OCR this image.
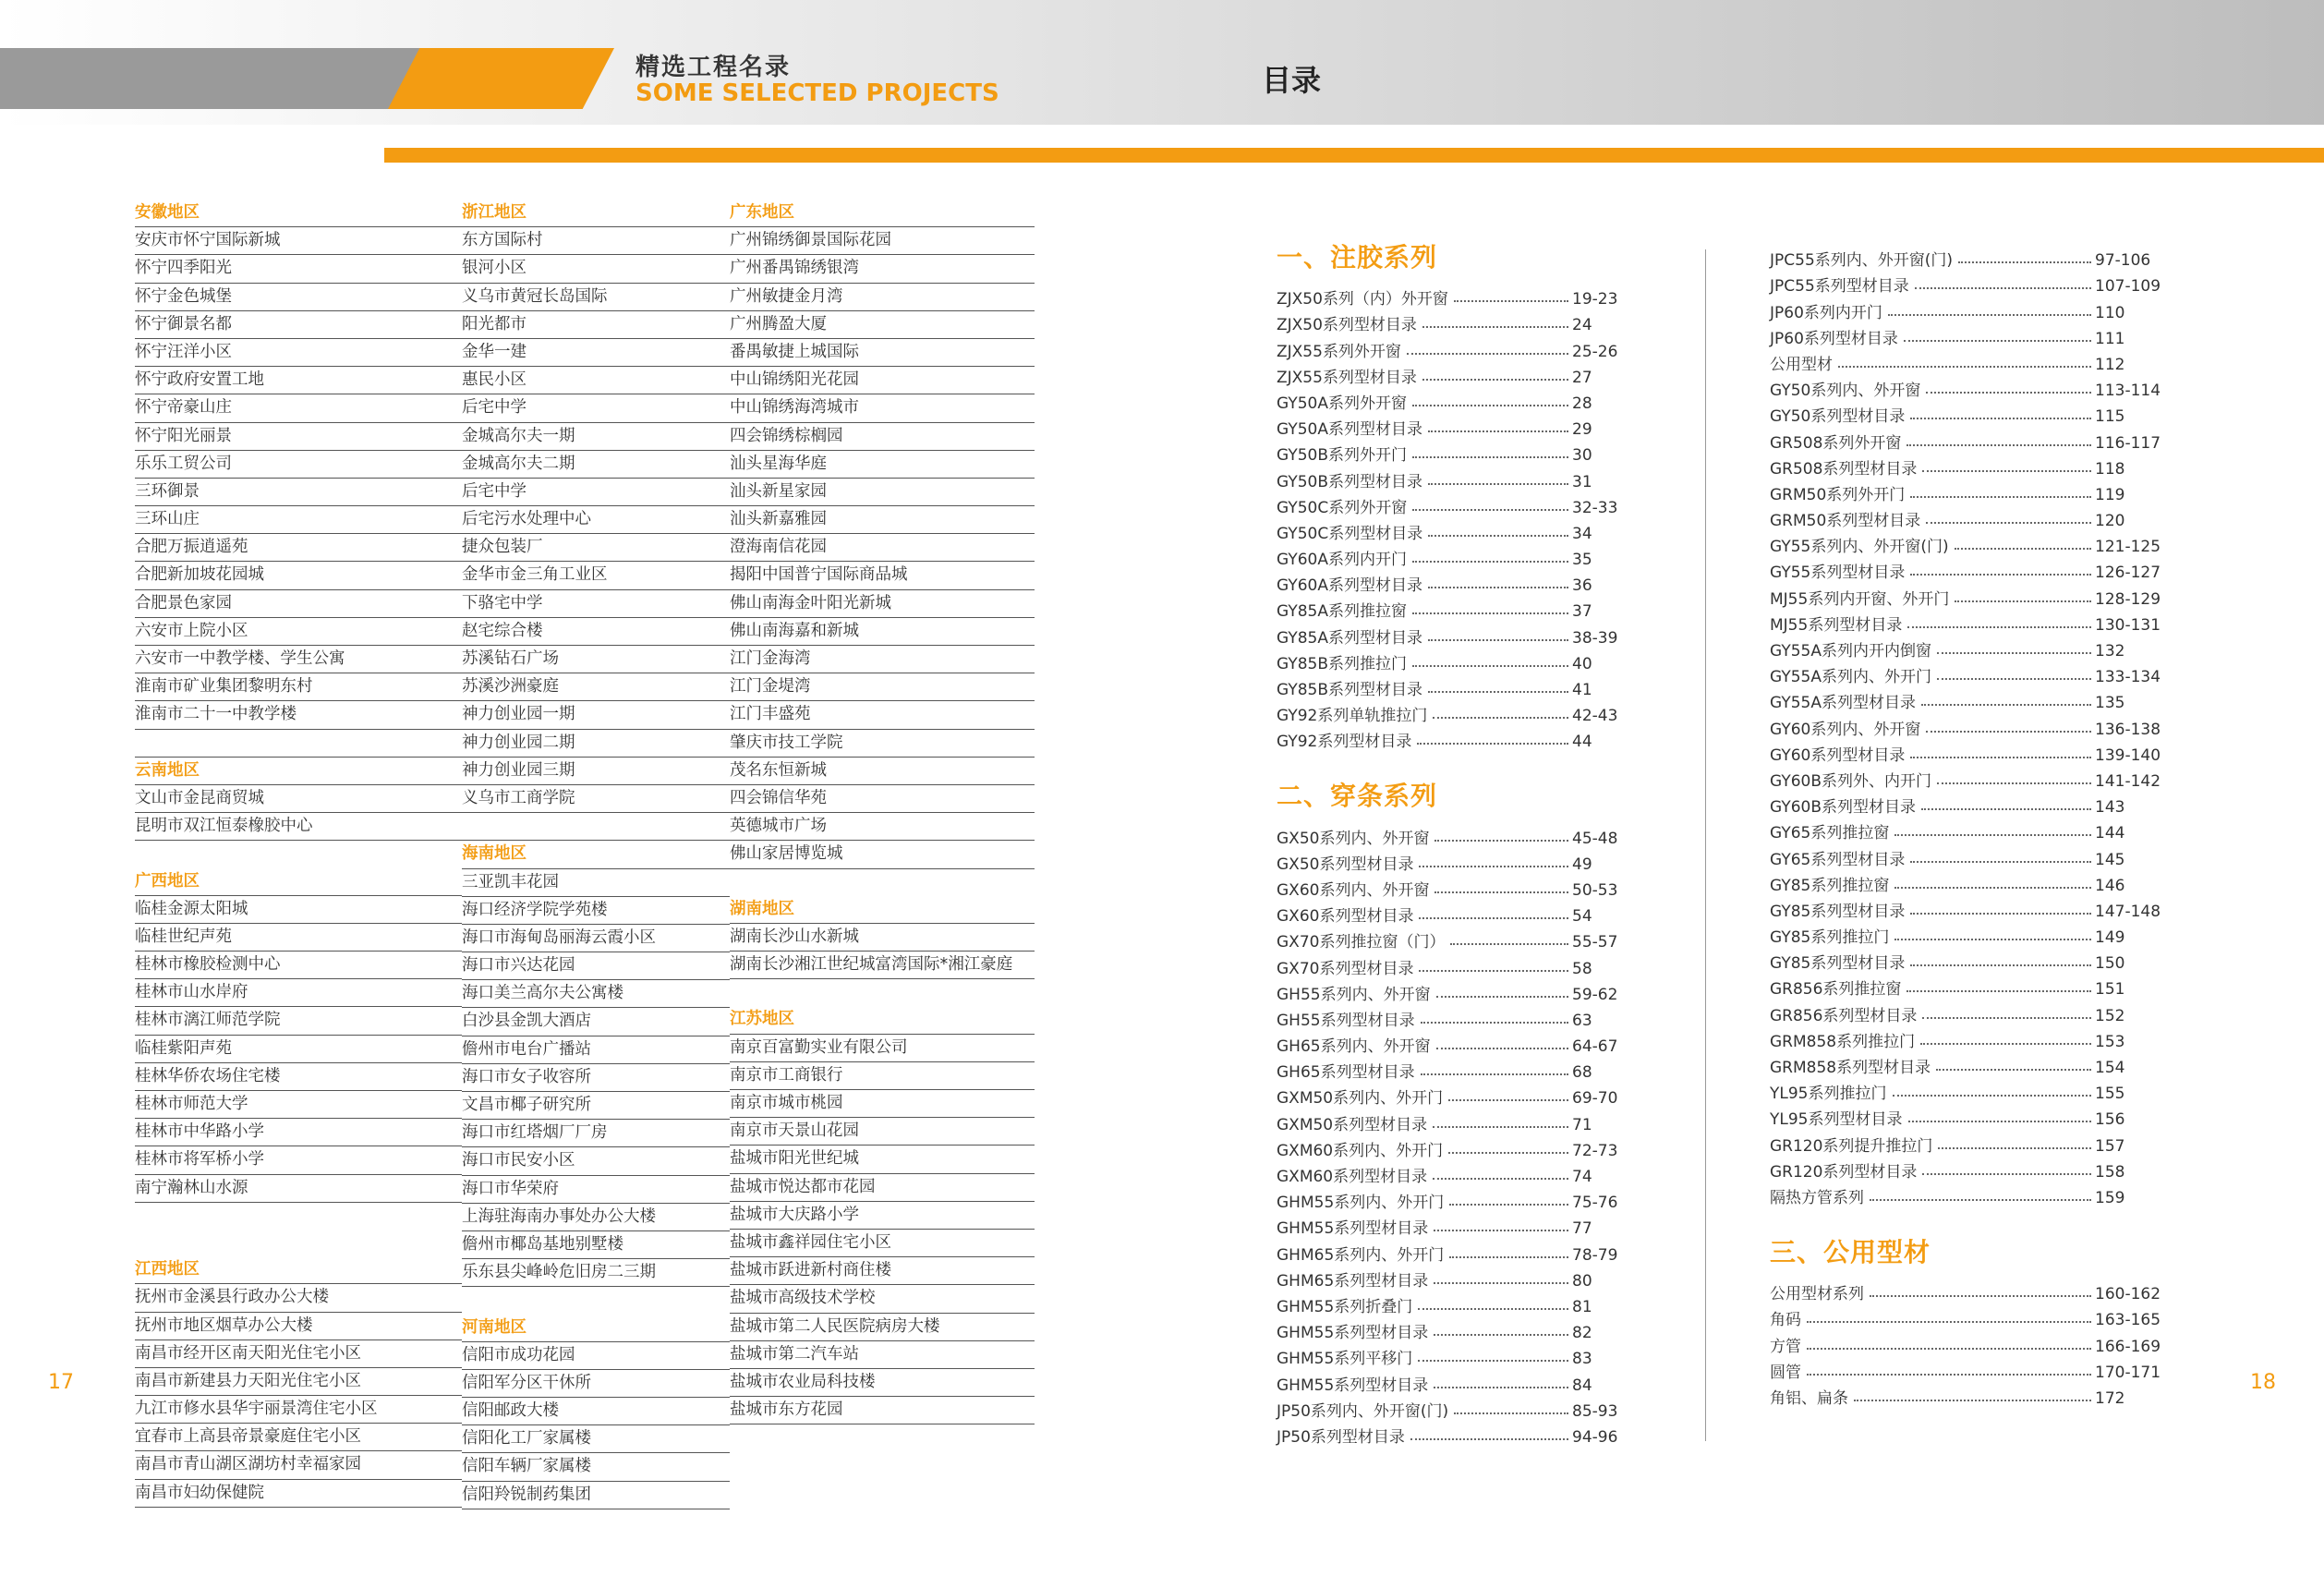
精选工程名录
SOME SELECTED PROJECTS	目录
安徽地区
安庆市怀宁国际新城
怀宁四季阳光
怀宁金色城堡
怀宁御景名都
怀宁汪洋小区
怀宁政府安置工地
怀宁帝豪山庄
怀宁阳光丽景
乐乐工贸公司
三环御景
三环山庄
合肥万振逍遥苑
合肥新加坡花园城
合肥景色家园
六安市上院小区
六安市一中教学楼、学生公寓
淮南市矿业集团黎明东村
淮南市二十一中教学楼
云南地区
文山市金昆商贸城
昆明市双江恒泰橡胶中心
广西地区
临桂金源太阳城
临桂世纪声苑
桂林市橡胶检测中心
桂林市山水岸府
桂林市漓江师范学院
临桂紫阳声苑
桂林华侨农场住宅楼
桂林市师范大学
桂林市中华路小学
桂林市将军桥小学
南宁瀚林山水源
江西地区
抚州市金溪县行政办公大楼
抚州市地区烟草办公大楼
南昌市经开区南天阳光住宅小区
南昌市新建县力天阳光住宅小区
九江市修水县华宇丽景湾住宅小区
宜春市上高县帝景豪庭住宅小区
南昌市青山湖区湖坊村幸福家园
南昌市妇幼保健院
浙江地区
东方国际村
银河小区
义乌市黄冠长岛国际
阳光都市
金华一建
惠民小区
后宅中学
金城高尔夫一期
金城高尔夫二期
后宅中学
后宅污水处理中心
捷众包装厂
金华市金三角工业区
下骆宅中学
赵宅综合楼
苏溪钻石广场
苏溪沙洲豪庭
神力创业园一期
神力创业园二期
神力创业园三期
义乌市工商学院
海南地区
三亚凯丰花园
海口经济学院学苑楼
海口市海甸岛丽海云霞小区
海口市兴达花园
海口美兰高尔夫公寓楼
白沙县金凯大酒店
儋州市电台广播站
海口市女子收容所
文昌市椰子研究所
海口市红塔烟厂厂房
海口市民安小区
海口市华荣府
上海驻海南办事处办公大楼
儋州市椰岛基地别墅楼
乐东县尖峰岭危旧房二三期
河南地区
信阳市成功花园
信阳军分区干休所
信阳邮政大楼
信阳化工厂家属楼
信阳车辆厂家属楼
信阳羚锐制药集团
广东地区
广州锦绣御景国际花园
广州番禺锦绣银湾
广州敏捷金月湾
广州腾盈大厦
番禺敏捷上城国际
中山锦绣阳光花园
中山锦绣海湾城市
四会锦绣棕榈园
汕头星海华庭
汕头新星家园
汕头新嘉雅园
澄海南信花园
揭阳中国普宁国际商品城
佛山南海金叶阳光新城
佛山南海嘉和新城
江门金海湾
江门金堤湾
江门丰盛苑
肇庆市技工学院
茂名东恒新城
四会锦信华苑
英德城市广场
佛山家居博览城
湖南地区
湖南长沙山水新城
湖南长沙湘江世纪城富湾国际*湘江豪庭
江苏地区
南京百富勤实业有限公司
南京市工商银行
南京市城市桃园
南京市天景山花园
盐城市阳光世纪城
盐城市悦达都市花园
盐城市大庆路小学
盐城市鑫祥园住宅小区
盐城市跃进新村商住楼
盐城市高级技术学校
盐城市第二人民医院病房大楼
盐城市第二汽车站
盐城市农业局科技楼
盐城市东方花园
一、注胶系列
ZJX50系列（内）外开窗	19-23
ZJX50系列型材目录	24
ZJX55系列外开窗	25-26
ZJX55系列型材目录	27
GY50A系列外开窗	28
GY50A系列型材目录	29
GY50B系列外开门	30
GY50B系列型材目录	31
GY50C系列外开窗	32-33
GY50C系列型材目录	34
GY60A系列内开门	35
GY60A系列型材目录	36
GY85A系列推拉窗	37
GY85A系列型材目录	38-39
GY85B系列推拉门	40
GY85B系列型材目录	41
GY92系列单轨推拉门	42-43
GY92系列型材目录	44
二、穿条系列
GX50系列内、外开窗	45-48
GX50系列型材目录	49
GX60系列内、外开窗	50-53
GX60系列型材目录	54
GX70系列推拉窗（门）	55-57
GX70系列型材目录	58
GH55系列内、外开窗	59-62
GH55系列型材目录	63
GH65系列内、外开窗	64-67
GH65系列型材目录	68
GXM50系列内、外开门	69-70
GXM50系列型材目录	71
GXM60系列内、外开门	72-73
GXM60系列型材目录	74
GHM55系列内、外开门	75-76
GHM55系列型材目录	77
GHM65系列内、外开门	78-79
GHM65系列型材目录	80
GHM55系列折叠门	81
GHM55系列型材目录	82
GHM55系列平移门	83
GHM55系列型材目录	84
JP50系列内、外开窗(门)	85-93
JP50系列型材目录	94-96
JPC55系列内、外开窗(门)	97-106
JPC55系列型材目录	107-109
JP60系列内开门	110
JP60系列型材目录	111
公用型材	112
GY50系列内、外开窗	113-114
GY50系列型材目录	115
GR508系列外开窗	116-117
GR508系列型材目录	118
GRM50系列外开门	119
GRM50系列型材目录	120
GY55系列内、外开窗(门)	121-125
GY55系列型材目录	126-127
MJ55系列内开窗、外开门	128-129
MJ55系列型材目录	130-131
GY55A系列内开内倒窗	132
GY55A系列内、外开门	133-134
GY55A系列型材目录	135
GY60系列内、外开窗	136-138
GY60系列型材目录	139-140
GY60B系列外、内开门	141-142
GY60B系列型材目录	143
GY65系列推拉窗	144
GY65系列型材目录	145
GY85系列推拉窗	146
GY85系列型材目录	147-148
GY85系列推拉门	149
GY85系列型材目录	150
GR856系列推拉窗	151
GR856系列型材目录	152
GRM858系列推拉门	153
GRM858系列型材目录	154
YL95系列推拉门	155
YL95系列型材目录	156
GR120系列提升推拉门	157
GR120系列型材目录	158
隔热方管系列	159
三、公用型材
公用型材系列	160-162
角码	163-165
方管	166-169
圆管	170-171
角铝、扁条	172
17	18
